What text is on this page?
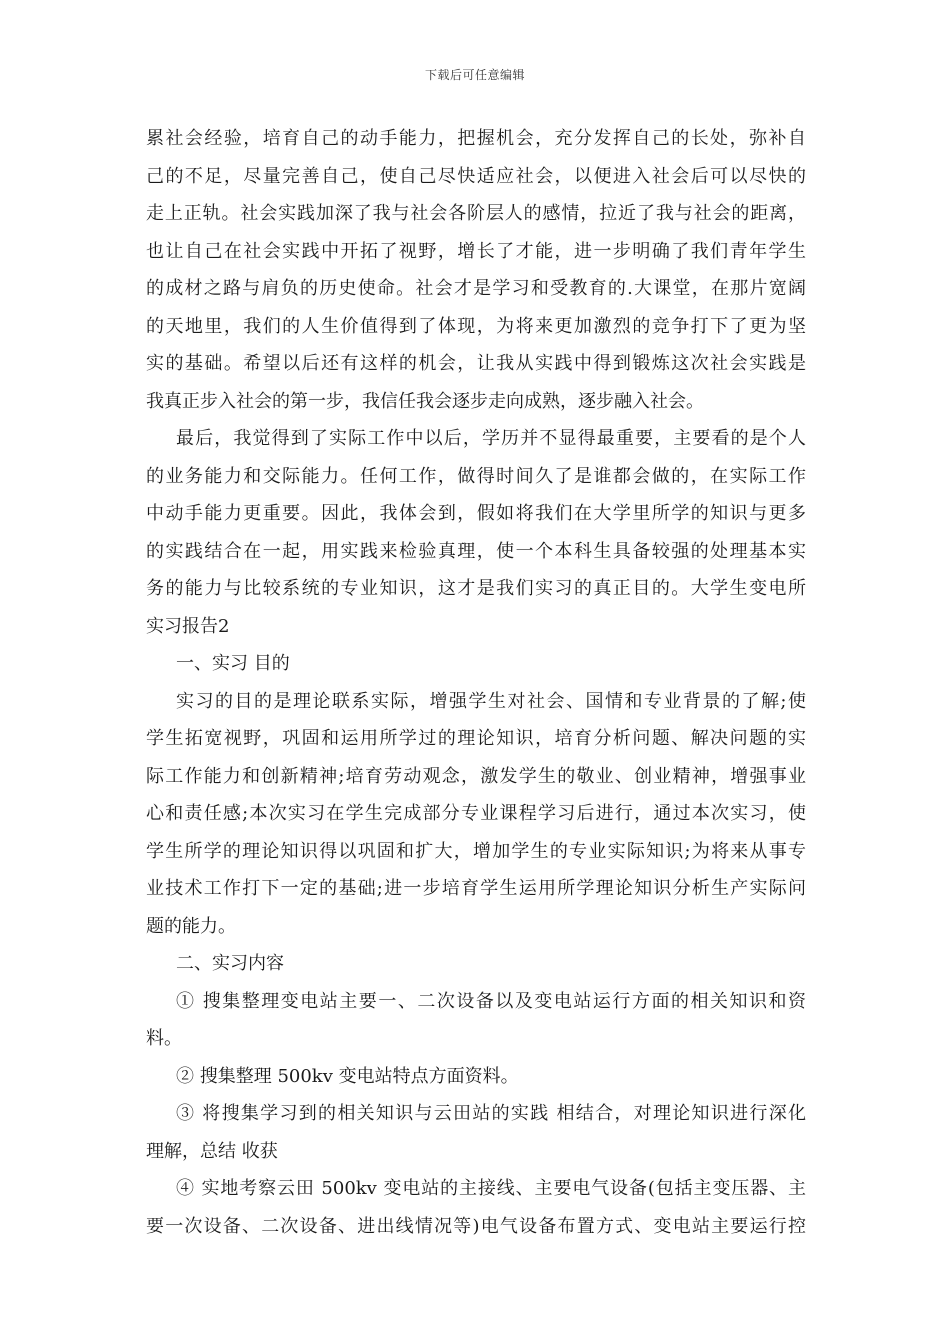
下载后可任意编辑
累社会经验，培育自己的动手能力，把握机会，充分发挥自己的长处，弥补自
己的不足，尽量完善自己，使自己尽快适应社会，以便进入社会后可以尽快的
走上正轨。社会实践加深了我与社会各阶层人的感情，拉近了我与社会的距离，
也让自己在社会实践中开拓了视野，增长了才能，进一步明确了我们青年学生
的成材之路与肩负的历史使命。社会才是学习和受教育的.大课堂，在那片宽阔
的天地里，我们的人生价值得到了体现，为将来更加激烈的竞争打下了更为坚
实的基础。希望以后还有这样的机会，让我从实践中得到锻炼这次社会实践是
我真正步入社会的第一步，我信任我会逐步走向成熟，逐步融入社会。
最后，我觉得到了实际工作中以后，学历并不显得最重要，主要看的是个人
的业务能力和交际能力。任何工作，做得时间久了是谁都会做的，在实际工作
中动手能力更重要。因此，我体会到，假如将我们在大学里所学的知识与更多
的实践结合在一起，用实践来检验真理，使一个本科生具备较强的处理基本实
务的能力与比较系统的专业知识，这才是我们实习的真正目的。大学生变电所
实习报告2
一、实习 目的
实习的目的是理论联系实际，增强学生对社会、国情和专业背景的了解;使
学生拓宽视野，巩固和运用所学过的理论知识，培育分析问题、解决问题的实
际工作能力和创新精神;培育劳动观念，激发学生的敬业、创业精神，增强事业
心和责任感;本次实习在学生完成部分专业课程学习后进行，通过本次实习，使
学生所学的理论知识得以巩固和扩大，增加学生的专业实际知识;为将来从事专
业技术工作打下一定的基础;进一步培育学生运用所学理论知识分析生产实际问
题的能力。
二、实习内容
① 搜集整理变电站主要一、二次设备以及变电站运行方面的相关知识和资
料。
② 搜集整理 500kv 变电站特点方面资料。
③ 将搜集学习到的相关知识与云田站的实践 相结合，对理论知识进行深化
理解，总结 收获
④ 实地考察云田 500kv 变电站的主接线、主要电气设备(包括主变压器、主
要一次设备、二次设备、进出线情况等)电气设备布置方式、变电站主要运行控
